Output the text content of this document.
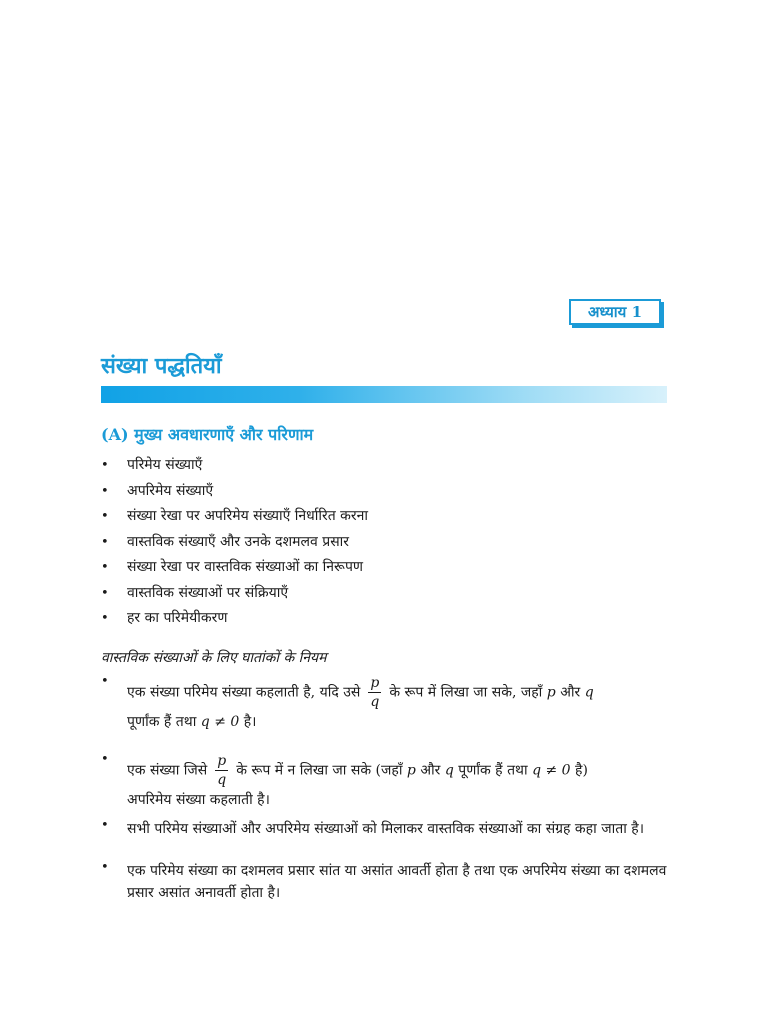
अध्याय 1
संख्या पद्धतियाँ
(A) मुख्य अवधारणाएँ और परिणाम
•	परिमेय संख्याएँ
•	अपरिमेय संख्याएँ
•	संख्या रेखा पर अपरिमेय संख्याएँ निर्धारित करना
•	वास्तविक संख्याएँ और उनके दशमलव प्रसार
•	संख्या रेखा पर वास्तविक संख्याओं का निरूपण
•	वास्तविक संख्याओं पर संक्रियाएँ
•	हर का परिमेयीकरण

वास्तविक संख्याओं के लिए घातांकों के नियम

•
एक संख्या परिमेय संख्या कहलाती है, यदि उसे $\frac{p}{q}$ के रूप में लिखा जा सके, जहाँ p और q
पूर्णांक हैं तथा q ≠ 0 है।
•
एक संख्या जिसे $\frac{p}{q}$ के रूप में न लिखा जा सके (जहाँ p और q पूर्णांक हैं तथा q ≠ 0 है)
अपरिमेय संख्या कहलाती है।
•	सभी परिमेय संख्याओं और अपरिमेय संख्याओं को मिलाकर वास्तविक संख्याओं का संग्रह कहा जाता है।
•	एक परिमेय संख्या का दशमलव प्रसार सांत या असांत आवर्ती होता है तथा एक अपरिमेय संख्या का दशमलव प्रसार असांत अनावर्ती होता है।
